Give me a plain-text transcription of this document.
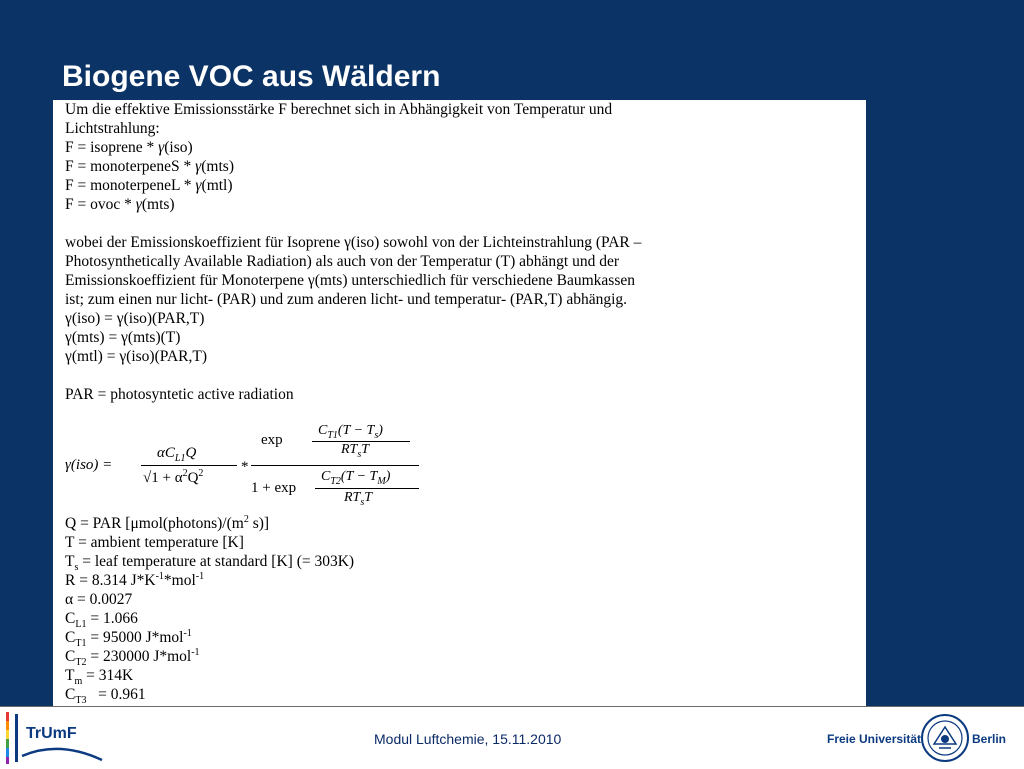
Biogene VOC aus Wäldern
Um die effektive Emissionsstärke F berechnet sich in Abhängigkeit von Temperatur und
Lichtstrahlung:
F = isoprene * γ(iso)
F = monoterpeneS * γ(mts)
F = monoterpeneL * γ(mtl)
F = ovoc * γ(mts)
wobei der Emissionskoeffizient für Isoprene γ(iso) sowohl von der Lichteinstrahlung (PAR –
Photosynthetically Available Radiation) als auch von der Temperatur (T) abhängt und der
Emissionskoeffizient für Monoterpene γ(mts) unterschiedlich für verschiedene Baumkassen
ist; zum einen nur licht- (PAR) und zum anderen licht- und temperatur- (PAR,T) abhängig.
γ(iso) = γ(iso)(PAR,T)
γ(mts) = γ(mts)(T)
γ(mtl) = γ(iso)(PAR,T)
PAR = photosyntetic active radiation
γ(iso) =
$\alpha C_{L1}Q$
$√1 + \alpha^2Q^2$	*
exp
$C_{T1}(T - T_s)$
$RT_sT$
1 + exp
$C_{T2}(T - T_M)$
$RT_sT$
Q = PAR [$\mu mol(photons)/(m^2$ s)]
T = ambient temperature [K]
$T_s$ = leaf temperature at standard [K] (= 303K)
R = 8.314 $J*K^{-1}*mol^{-1}$
α = 0.0027
$C_{L1} = 1.066$
$C_{T1} = 95000$ J*mol$^{-1}$
$C_{T2} = 230000$ J*mol$^{-1}$
$T_m = 314K$
$C_{T3} = 0.961$
TrUmF	Modul Luftchemie, 15.11.2010	Freie Universität	Berlin
